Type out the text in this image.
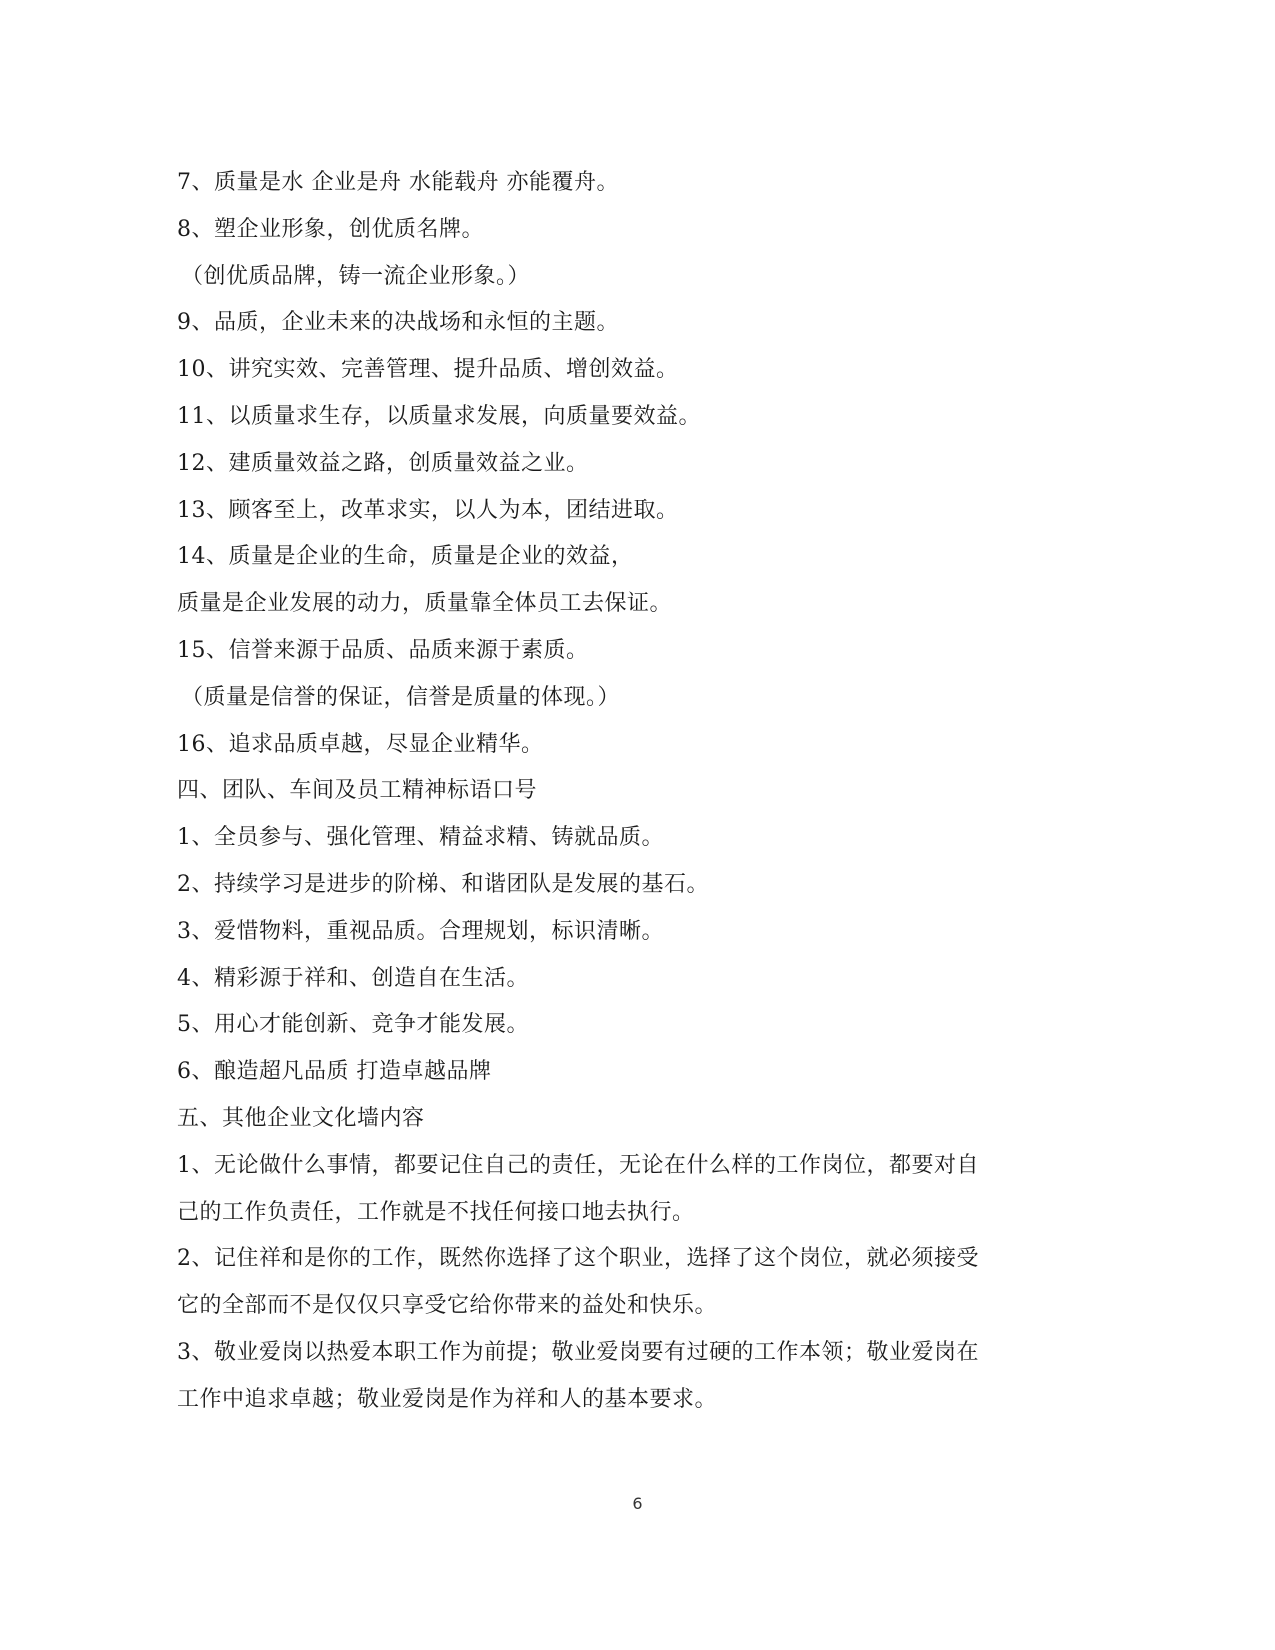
7、质量是水 企业是舟 水能载舟 亦能覆舟。
8、塑企业形象，创优质名牌。
（创优质品牌，铸一流企业形象。）
9、品质，企业未来的决战场和永恒的主题。
10、讲究实效、完善管理、提升品质、增创效益。
11、以质量求生存，以质量求发展，向质量要效益。
12、建质量效益之路，创质量效益之业。
13、顾客至上，改革求实，以人为本，团结进取。
14、质量是企业的生命，质量是企业的效益，
质量是企业发展的动力，质量靠全体员工去保证。
15、信誉来源于品质、品质来源于素质。
（质量是信誉的保证，信誉是质量的体现。）
16、追求品质卓越，尽显企业精华。
四、团队、车间及员工精神标语口号
1、全员参与、强化管理、精益求精、铸就品质。
2、持续学习是进步的阶梯、和谐团队是发展的基石。
3、爱惜物料，重视品质。合理规划，标识清晰。
4、精彩源于祥和、创造自在生活。
5、用心才能创新、竞争才能发展。
6、酿造超凡品质 打造卓越品牌
五、其他企业文化墙内容
1、无论做什么事情，都要记住自己的责任，无论在什么样的工作岗位，都要对自
己的工作负责任，工作就是不找任何接口地去执行。
2、记住祥和是你的工作，既然你选择了这个职业，选择了这个岗位，就必须接受
它的全部而不是仅仅只享受它给你带来的益处和快乐。
3、敬业爱岗以热爱本职工作为前提；敬业爱岗要有过硬的工作本领；敬业爱岗在
工作中追求卓越；敬业爱岗是作为祥和人的基本要求。
6
